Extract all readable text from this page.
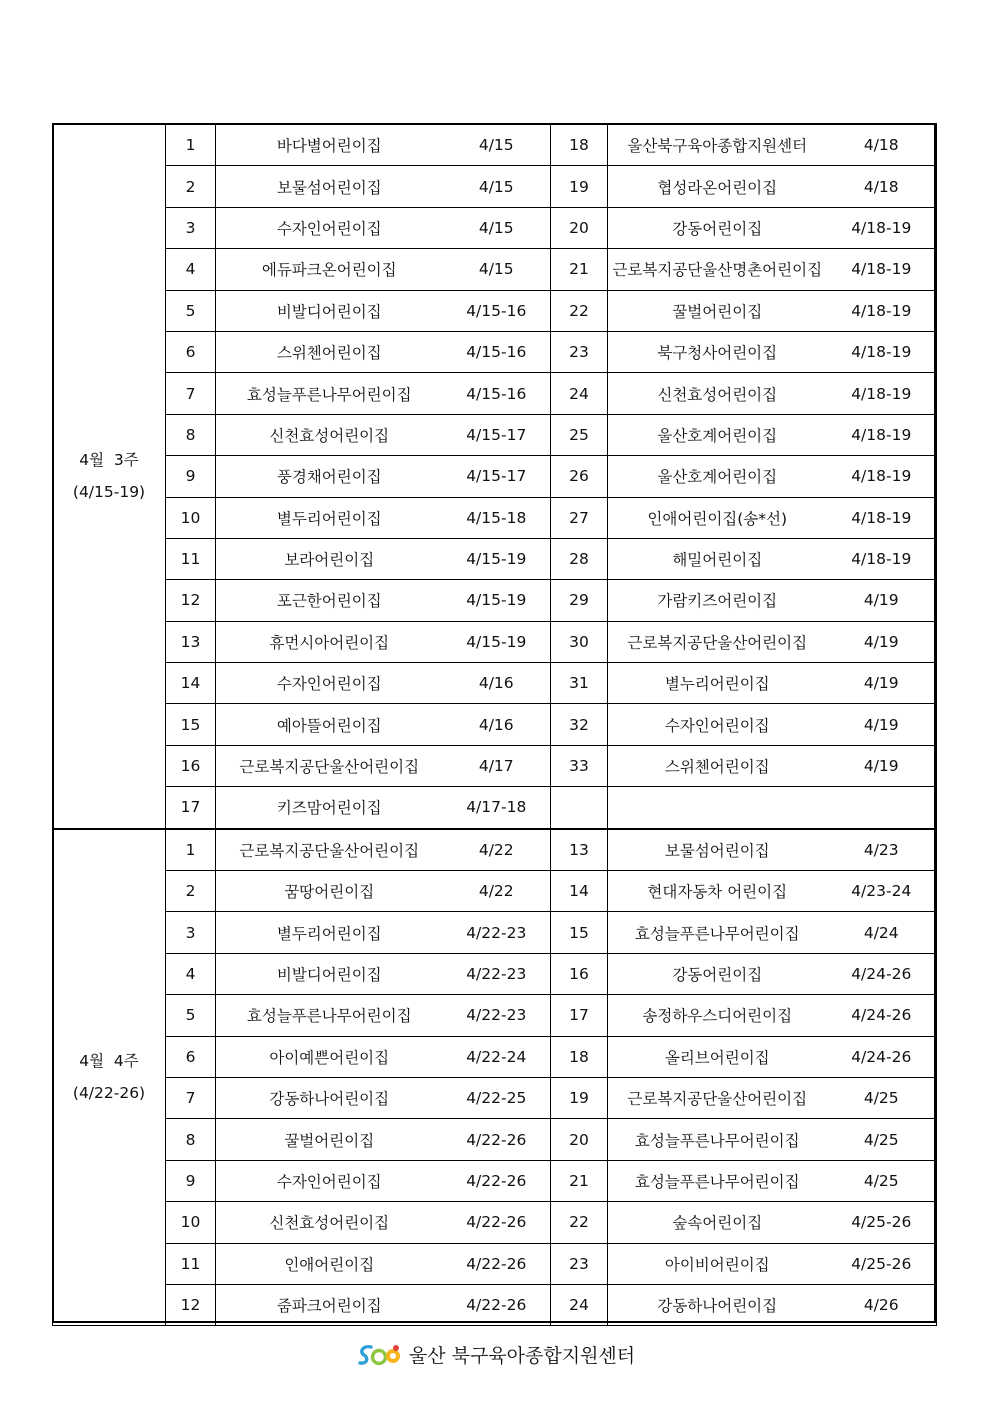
4월  3주
(4/15-19)	1	바다별어린이집	4/15	18	울산북구육아종합지원센터	4/18
	2	보물섬어린이집	4/15	19	협성라온어린이집	4/18
	3	수자인어린이집	4/15	20	강동어린이집	4/18-19
	4	에듀파크온어린이집	4/15	21	근로복지공단울산명촌어린이집	4/18-19
	5	비발디어린이집	4/15-16	22	꿀벌어린이집	4/18-19
	6	스위첸어린이집	4/15-16	23	북구청사어린이집	4/18-19
	7	효성늘푸른나무어린이집	4/15-16	24	신천효성어린이집	4/18-19
	8	신천효성어린이집	4/15-17	25	울산호계어린이집	4/18-19
	9	풍경채어린이집	4/15-17	26	울산호계어린이집	4/18-19
	10	별두리어린이집	4/15-18	27	인애어린이집(송*선)	4/18-19
	11	보라어린이집	4/15-19	28	해밀어린이집	4/18-19
	12	포근한어린이집	4/15-19	29	가람키즈어린이집	4/19
	13	휴먼시아어린이집	4/15-19	30	근로복지공단울산어린이집	4/19
	14	수자인어린이집	4/16	31	별누리어린이집	4/19
	15	예아뜰어린이집	4/16	32	수자인어린이집	4/19
	16	근로복지공단울산어린이집	4/17	33	스위첸어린이집	4/19
	17	키즈맘어린이집	4/17-18			

4월  4주
(4/22-26)	1	근로복지공단울산어린이집	4/22	13	보물섬어린이집	4/23
	2	꿈땅어린이집	4/22	14	현대자동차 어린이집	4/23-24
	3	별두리어린이집	4/22-23	15	효성늘푸른나무어린이집	4/24
	4	비발디어린이집	4/22-23	16	강동어린이집	4/24-26
	5	효성늘푸른나무어린이집	4/22-23	17	송정하우스디어린이집	4/24-26
	6	아이예쁜어린이집	4/22-24	18	올리브어린이집	4/24-26
	7	강동하나어린이집	4/22-25	19	근로복지공단울산어린이집	4/25
	8	꿀벌어린이집	4/22-26	20	효성늘푸른나무어린이집	4/25
	9	수자인어린이집	4/22-26	21	효성늘푸른나무어린이집	4/25
	10	신천효성어린이집	4/22-26	22	숲속어린이집	4/25-26
	11	인애어린이집	4/22-26	23	아이비어린이집	4/25-26
	12	줌파크어린이집	4/22-26	24	강동하나어린이집	4/26
울산 북구육아종합지원센터
